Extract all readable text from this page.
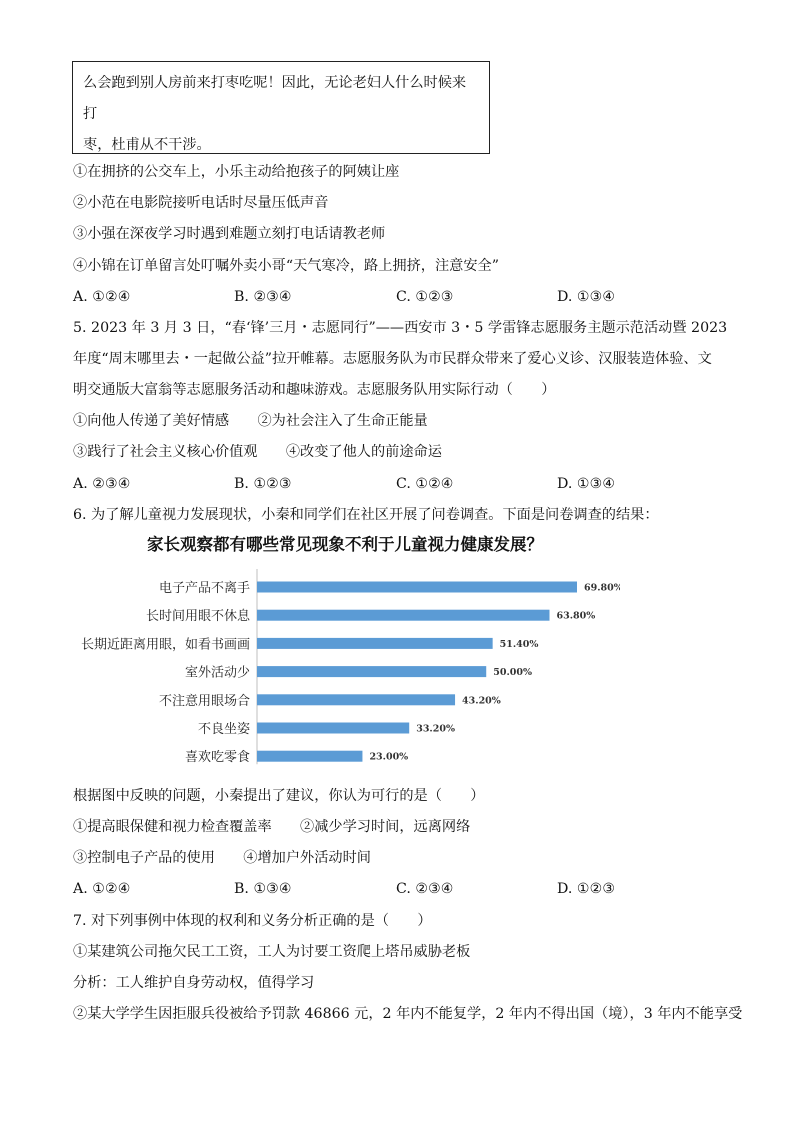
么会跑到别人房前来打枣吃呢！因此，无论老妇人什么时候来打

枣，杜甫从不干涉。

①在拥挤的公交车上，小乐主动给抱孩子的阿姨让座
②小范在电影院接听电话时尽量压低声音
③小强在深夜学习时遇到难题立刻打电话请教老师
④小锦在订单留言处叮嘱外卖小哥“天气寒冷，路上拥挤，注意安全”
A. ①②④	B. ②③④	C. ①②③	D. ①③④
5. 2023 年 3 月 3 日，“春‘锋’三月・志愿同行”——西安市 3・5 学雷锋志愿服务主题示范活动暨 2023
年度“周末哪里去・一起做公益”拉开帷幕。志愿服务队为市民群众带来了爱心义诊、汉服装造体验、文
明交通版大富翁等志愿服务活动和趣味游戏。志愿服务队用实际行动（　　）
①向他人传递了美好情感　　②为社会注入了生命正能量
③践行了社会主义核心价值观　　④改变了他人的前途命运
A. ②③④	B. ①②③	C. ①②④	D. ①③④
6. 为了解儿童视力发展现状，小秦和同学们在社区开展了问卷调查。下面是问卷调查的结果：
家长观察都有哪些常见现象不利于儿童视力健康发展？
电子产品不离手	69.80%
长时间用眼不休息	63.80%
长期近距离用眼，如看书画画	51.40%
室外活动少	50.00%
不注意用眼场合	43.20%
不良坐姿	33.20%
喜欢吃零食	23.00%
根据图中反映的问题，小秦提出了建议，你认为可行的是（　　）
①提高眼保健和视力检查覆盖率　　②减少学习时间，远离网络
③控制电子产品的使用　　④增加户外活动时间
A. ①②④	B. ①③④	C. ②③④	D. ①②③
7. 对下列事例中体现的权利和义务分析正确的是（　　）
①某建筑公司拖欠民工工资，工人为讨要工资爬上塔吊威胁老板
分析：工人维护自身劳动权，值得学习
②某大学学生因拒服兵役被给予罚款 46866 元，2 年内不能复学，2 年内不得出国（境），3 年内不能享受
